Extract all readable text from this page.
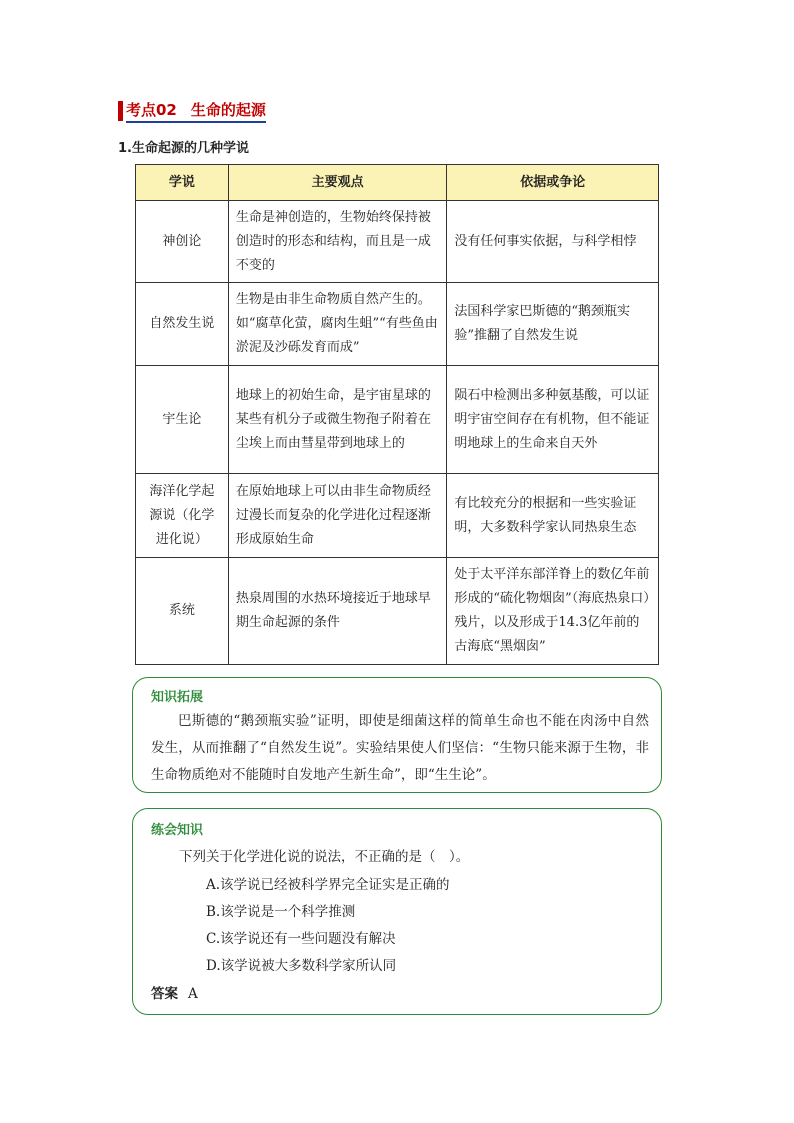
考点02 生命的起源
1.生命起源的几种学说
学说	主要观点	依据或争论
神创论	生命是神创造的，生物始终保持被创造时的形态和结构，而且是一成不变的	没有任何事实依据，与科学相悖
自然发生说	生物是由非生命物质自然产生的。如“腐草化萤，腐肉生蛆”“有些鱼由淤泥及沙砾发育而成”	法国科学家巴斯德的“鹅颈瓶实验”推翻了自然发生说
宇生论	地球上的初始生命，是宇宙星球的某些有机分子或微生物孢子附着在尘埃上而由彗星带到地球上的	陨石中检测出多种氨基酸，可以证明宇宙空间存在有机物，但不能证明地球上的生命来自天外
海洋化学起源说（化学进化说）	在原始地球上可以由非生命物质经过漫长而复杂的化学进化过程逐渐形成原始生命	有比较充分的根据和一些实验证明，大多数科学家认同热泉生态
系统	热泉周围的水热环境接近于地球早期生命起源的条件	处于太平洋东部洋脊上的数亿年前形成的“硫化物烟囱”（海底热泉口）残片，以及形成于14.3亿年前的古海底“黑烟囱”
知识拓展
巴斯德的“鹅颈瓶实验”证明，即使是细菌这样的简单生命也不能在肉汤中自然发生，从而推翻了“自然发生说”。实验结果使人们坚信：“生物只能来源于生物，非生命物质绝对不能随时自发地产生新生命”，即“生生论”。
练会知识
下列关于化学进化说的说法，不正确的是（　）。
A.该学说已经被科学界完全证实是正确的
B.该学说是一个科学推测
C.该学说还有一些问题没有解决
D.该学说被大多数科学家所认同
答案 A
